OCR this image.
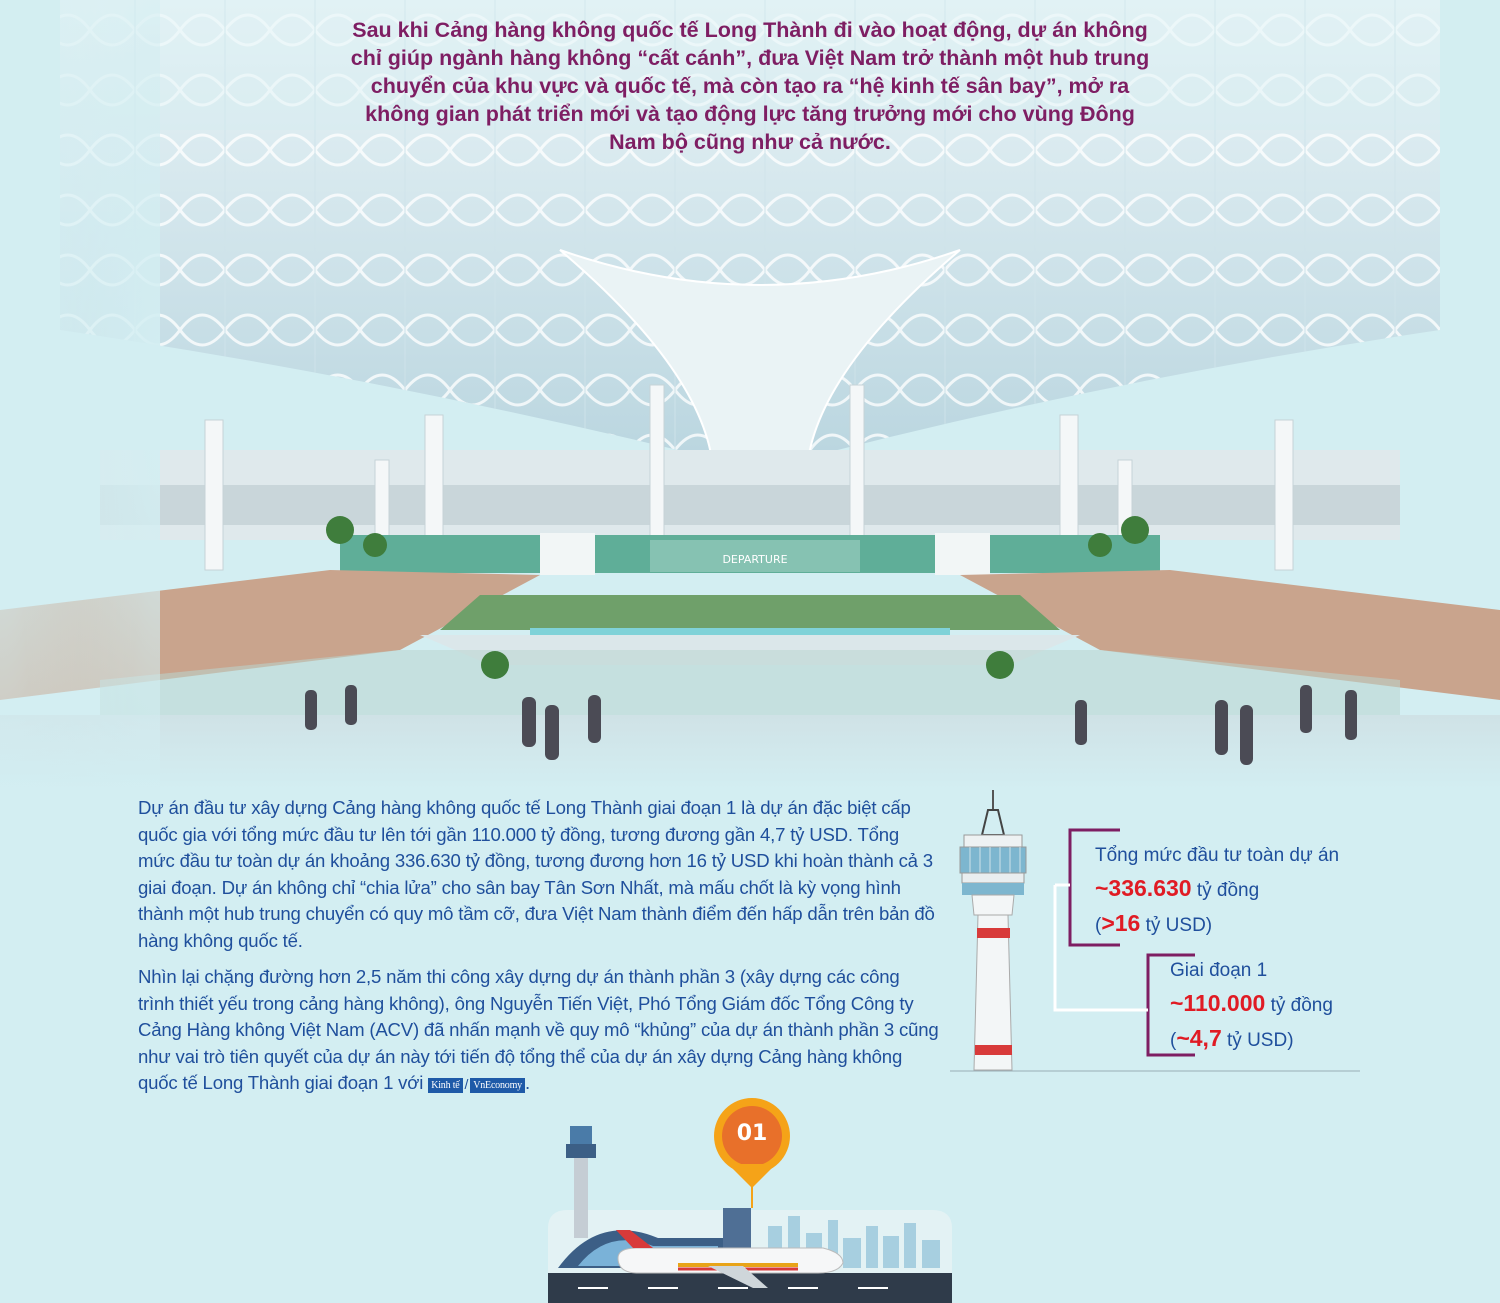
DEPARTURE
Sau khi Cảng hàng không quốc tế Long Thành đi vào hoạt động, dự án không chỉ giúp ngành hàng không “cất cánh”, đưa Việt Nam trở thành một hub trung chuyển của khu vực và quốc tế, mà còn tạo ra “hệ kinh tế sân bay”, mở ra không gian phát triển mới và tạo động lực tăng trưởng mới cho vùng Đông Nam bộ cũng như cả nước.

Dự án đầu tư xây dựng Cảng hàng không quốc tế Long Thành giai đoạn 1 là dự án đặc biệt cấp quốc gia với tổng mức đầu tư lên tới gần 110.000 tỷ đồng, tương đương gần 4,7 tỷ USD. Tổng mức đầu tư toàn dự án khoảng 336.630 tỷ đồng, tương đương hơn 16 tỷ USD khi hoàn thành cả 3 giai đoạn. Dự án không chỉ “chia lửa” cho sân bay Tân Sơn Nhất, mà mấu chốt là kỳ vọng hình thành một hub trung chuyển có quy mô tầm cỡ, đưa Việt Nam thành điểm đến hấp dẫn trên bản đồ hàng không quốc tế.

Nhìn lại chặng đường hơn 2,5 năm thi công xây dựng dự án thành phần 3 (xây dựng các công trình thiết yếu trong cảng hàng không), ông Nguyễn Tiến Việt, Phó Tổng Giám đốc Tổng Công ty Cảng Hàng không Việt Nam (ACV) đã nhấn mạnh về quy mô “khủng” của dự án thành phần 3 cũng như vai trò tiên quyết của dự án này tới tiến độ tổng thể của dự án xây dựng Cảng hàng không quốc tế Long Thành giai đoạn 1 với Kinh tế / VnEconomy .

Tổng mức đầu tư toàn dự án
~336.630 tỷ đồng
(>16 tỷ USD)
Giai đoạn 1
~110.000 tỷ đồng
(~4,7 tỷ USD)
01
